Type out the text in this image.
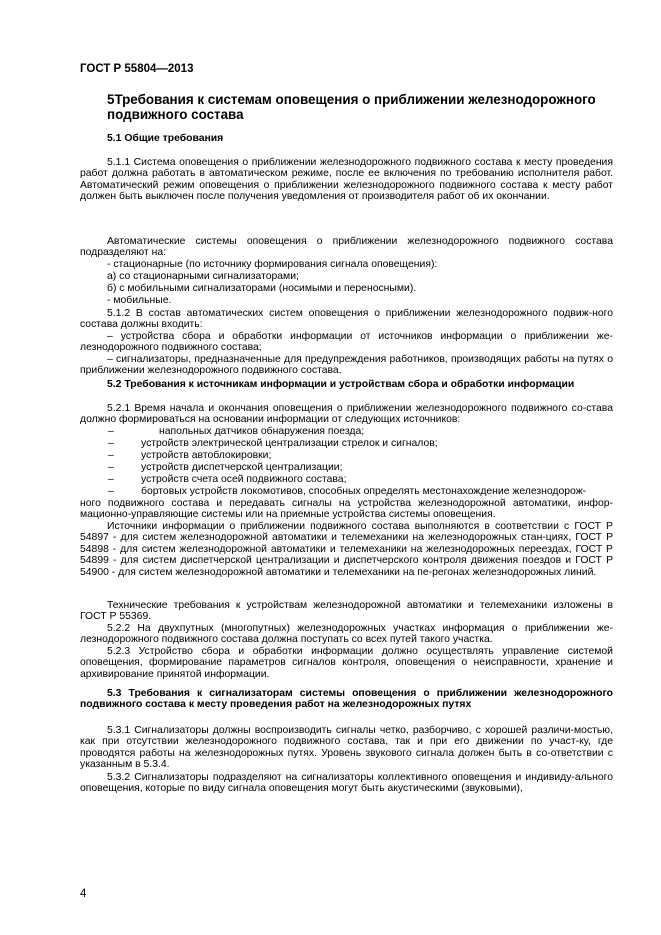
ГОСТ Р 55804—2013
5Требования к системам оповещения о приближении железнодорожного подвижного состава
5.1 Общие требования
5.1.1 Система оповещения о приближении железнодорожного подвижного состава к месту проведения работ должна работать в автоматическом режиме, после ее включения по требованию исполнителя работ. Автоматический режим оповещения о приближении железнодорожного подвижного состава к месту работ должен быть выключен после получения уведомления от производителя работ об их окончании.
Автоматические системы оповещения о приближении железнодорожного подвижного состава подразделяют на:
- стационарные (по источнику формирования сигнала оповещения):
а) со стационарными сигнализаторами;
б) с мобильными сигнализаторами (носимыми и переносными).
- мобильные.
5.1.2 В состав автоматических систем оповещения о приближении железнодорожного подвиж-ного состава должны входить:
– устройства сбора и обработки информации от источников информации о приближении же-лезнодорожного подвижного состава;
– сигнализаторы, предназначенные для предупреждения работников, производящих работы на путях о приближении железнодорожного подвижного состава.
5.2 Требования к источникам информации и устройствам сбора и обработки информации
5.2.1 Время начала и окончания оповещения о приближении железнодорожного подвижного со-става должно формироваться на основании информации от следующих источников:
–	напольных датчиков обнаружения поезда;
–	устройств электрической централизации стрелок и сигналов;
–	устройств автоблокировки;
–	устройств диспетчерской централизации;
–	устройств счета осей подвижного состава;
–	бортовых устройств локомотивов, способных определять местонахождение железнодорож-
ного подвижного состава и передавать сигналы на устройства железнодорожной автоматики, инфор-мационно-управляющие системы или на приемные устройства системы оповещения.
Источники информации о приближении подвижного состава выполняются в соответствии с ГОСТ Р 54897 - для систем железнодорожной автоматики и телемеханики на железнодорожных стан-циях, ГОСТ Р 54898 - для систем железнодорожной автоматики и телемеханики на железнодорожных переездах, ГОСТ Р 54899 - для систем диспетчерской централизации и диспетчерского контроля движения поездов и ГОСТ Р 54900 - для систем железнодорожной автоматики и телемеханики на пе-регонах железнодорожных линий.
Технические требования к устройствам железнодорожной автоматики и телемеханики изложены в ГОСТ Р 55369.
5.2.2 На двухпутных (многопутных) железнодорожных участках информация о приближении же-лезнодорожного подвижного состава должна поступать со всех путей такого участка.
5.2.3 Устройство сбора и обработки информации должно осуществлять управление системой оповещения, формирование параметров сигналов контроля, оповещения о неисправности, хранение и архивирование принятой информации.
5.3 Требования к сигнализаторам системы оповещения о приближении железнодорожного подвижного состава к месту проведения работ на железнодорожных путях
5.3.1 Сигнализаторы должны воспроизводить сигналы четко, разборчиво, с хорошей различи-мостью, как при отсутствии железнодорожного подвижного состава, так и при его движении по участ-ку, где проводятся работы на железнодорожных путях. Уровень звукового сигнала должен быть в со-ответствии с указанным в 5.3.4.
5.3.2 Сигнализаторы подразделяют на сигнализаторы коллективного оповещения и индивиду-ального оповещения, которые по виду сигнала оповещения могут быть акустическими (звуковыми),
4
